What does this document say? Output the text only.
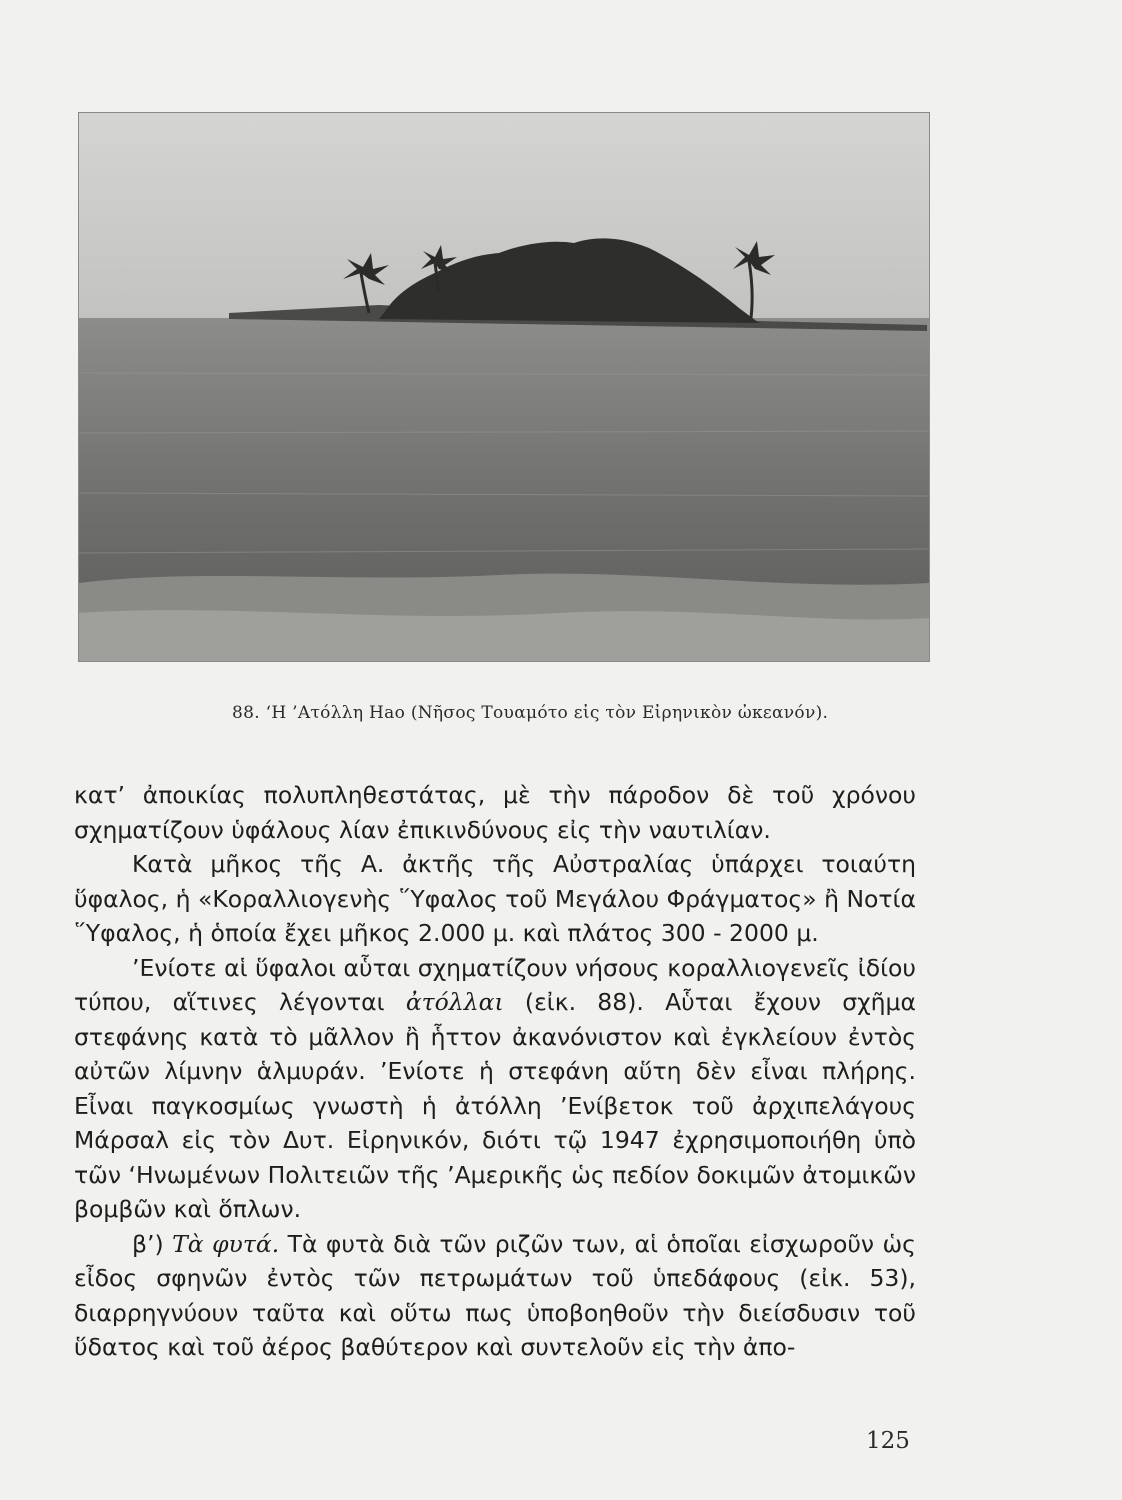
88. ‘Η ’Ατόλλη Hao (Νῆσος Τουαμότο εἰς τὸν Εἰρηνικὸν ὠκεανόν).

κατ’ ἀποικίας πολυπληθεστάτας, μὲ τὴν πάροδον δὲ τοῦ χρόνου σχηματίζουν ὑφάλους λίαν ἐπικινδύνους εἰς τὴν ναυτιλίαν.

Κατὰ μῆκος τῆς Α. ἀκτῆς τῆς Αὐστραλίας ὑπάρχει τοιαύτη ὕφαλος, ἡ «Κοραλλιογενὴς ῞Υφαλος τοῦ Μεγάλου Φράγματος» ἢ Νοτία ῞Υφαλος, ἡ ὁποία ἔχει μῆκος 2.000 μ. καὶ πλάτος 300 - 2000 μ.

’Ενίοτε αἱ ὕφαλοι αὗται σχηματίζουν νήσους κοραλλιογενεῖς ἰδίου τύπου, αἵτινες λέγονται ἀτόλλαι (εἰκ. 88). Αὗται ἔχουν σχῆμα στεφάνης κατὰ τὸ μᾶλλον ἢ ἧττον ἀκανόνιστον καὶ ἐγκλείουν ἐντὸς αὐτῶν λίμνην ἁλμυράν. ’Ενίοτε ἡ στεφάνη αὕτη δὲν εἶναι πλήρης. Εἶναι παγκοσμίως γνωστὴ ἡ ἀτόλλη ’Ενίβετοκ τοῦ ἀρχιπελάγους Μάρσαλ εἰς τὸν Δυτ. Εἰρηνικόν, διότι τῷ 1947 ἐχρησιμοποιήθη ὑπὸ τῶν ‘Ηνωμένων Πολιτειῶν τῆς ’Αμερικῆς ὡς πεδίον δοκιμῶν ἀτομικῶν βομβῶν καὶ ὅπλων.

β’) Τὰ φυτά. Τὰ φυτὰ διὰ τῶν ριζῶν των, αἱ ὁποῖαι εἰσχωροῦν ὡς εἶδος σφηνῶν ἐντὸς τῶν πετρωμάτων τοῦ ὑπεδάφους (εἰκ. 53), διαρρηγνύουν ταῦτα καὶ οὕτω πως ὑποβοηθοῦν τὴν διείσδυσιν τοῦ ὕδατος καὶ τοῦ ἀέρος βαθύτερον καὶ συντελοῦν εἰς τὴν ἀπο-

125
